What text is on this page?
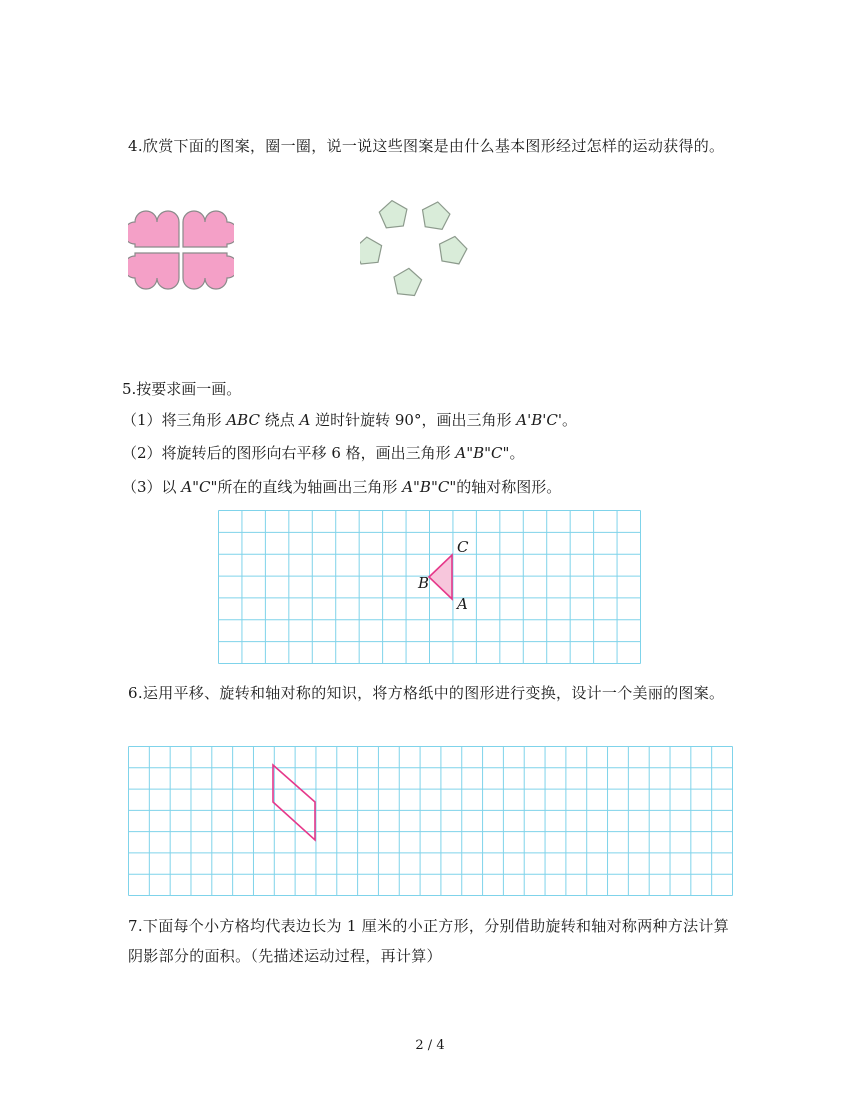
4.欣赏下面的图案，圈一圈，说一说这些图案是由什么基本图形经过怎样的运动获得的。

5.按要求画一画。

（1）将三角形 ABC 绕点 A 逆时针旋转 90°，画出三角形 A'B'C'。

（2）将旋转后的图形向右平移 6 格，画出三角形 A"B"C"。

（3）以 A"C"所在的直线为轴画出三角形 A"B"C"的轴对称图形。

C
B
A

6.运用平移、旋转和轴对称的知识，将方格纸中的图形进行变换，设计一个美丽的图案。

7.下面每个小方格均代表边长为 1 厘米的小正方形，分别借助旋转和轴对称两种方法计算阴影部分的面积。（先描述运动过程，再计算）

2 / 4
